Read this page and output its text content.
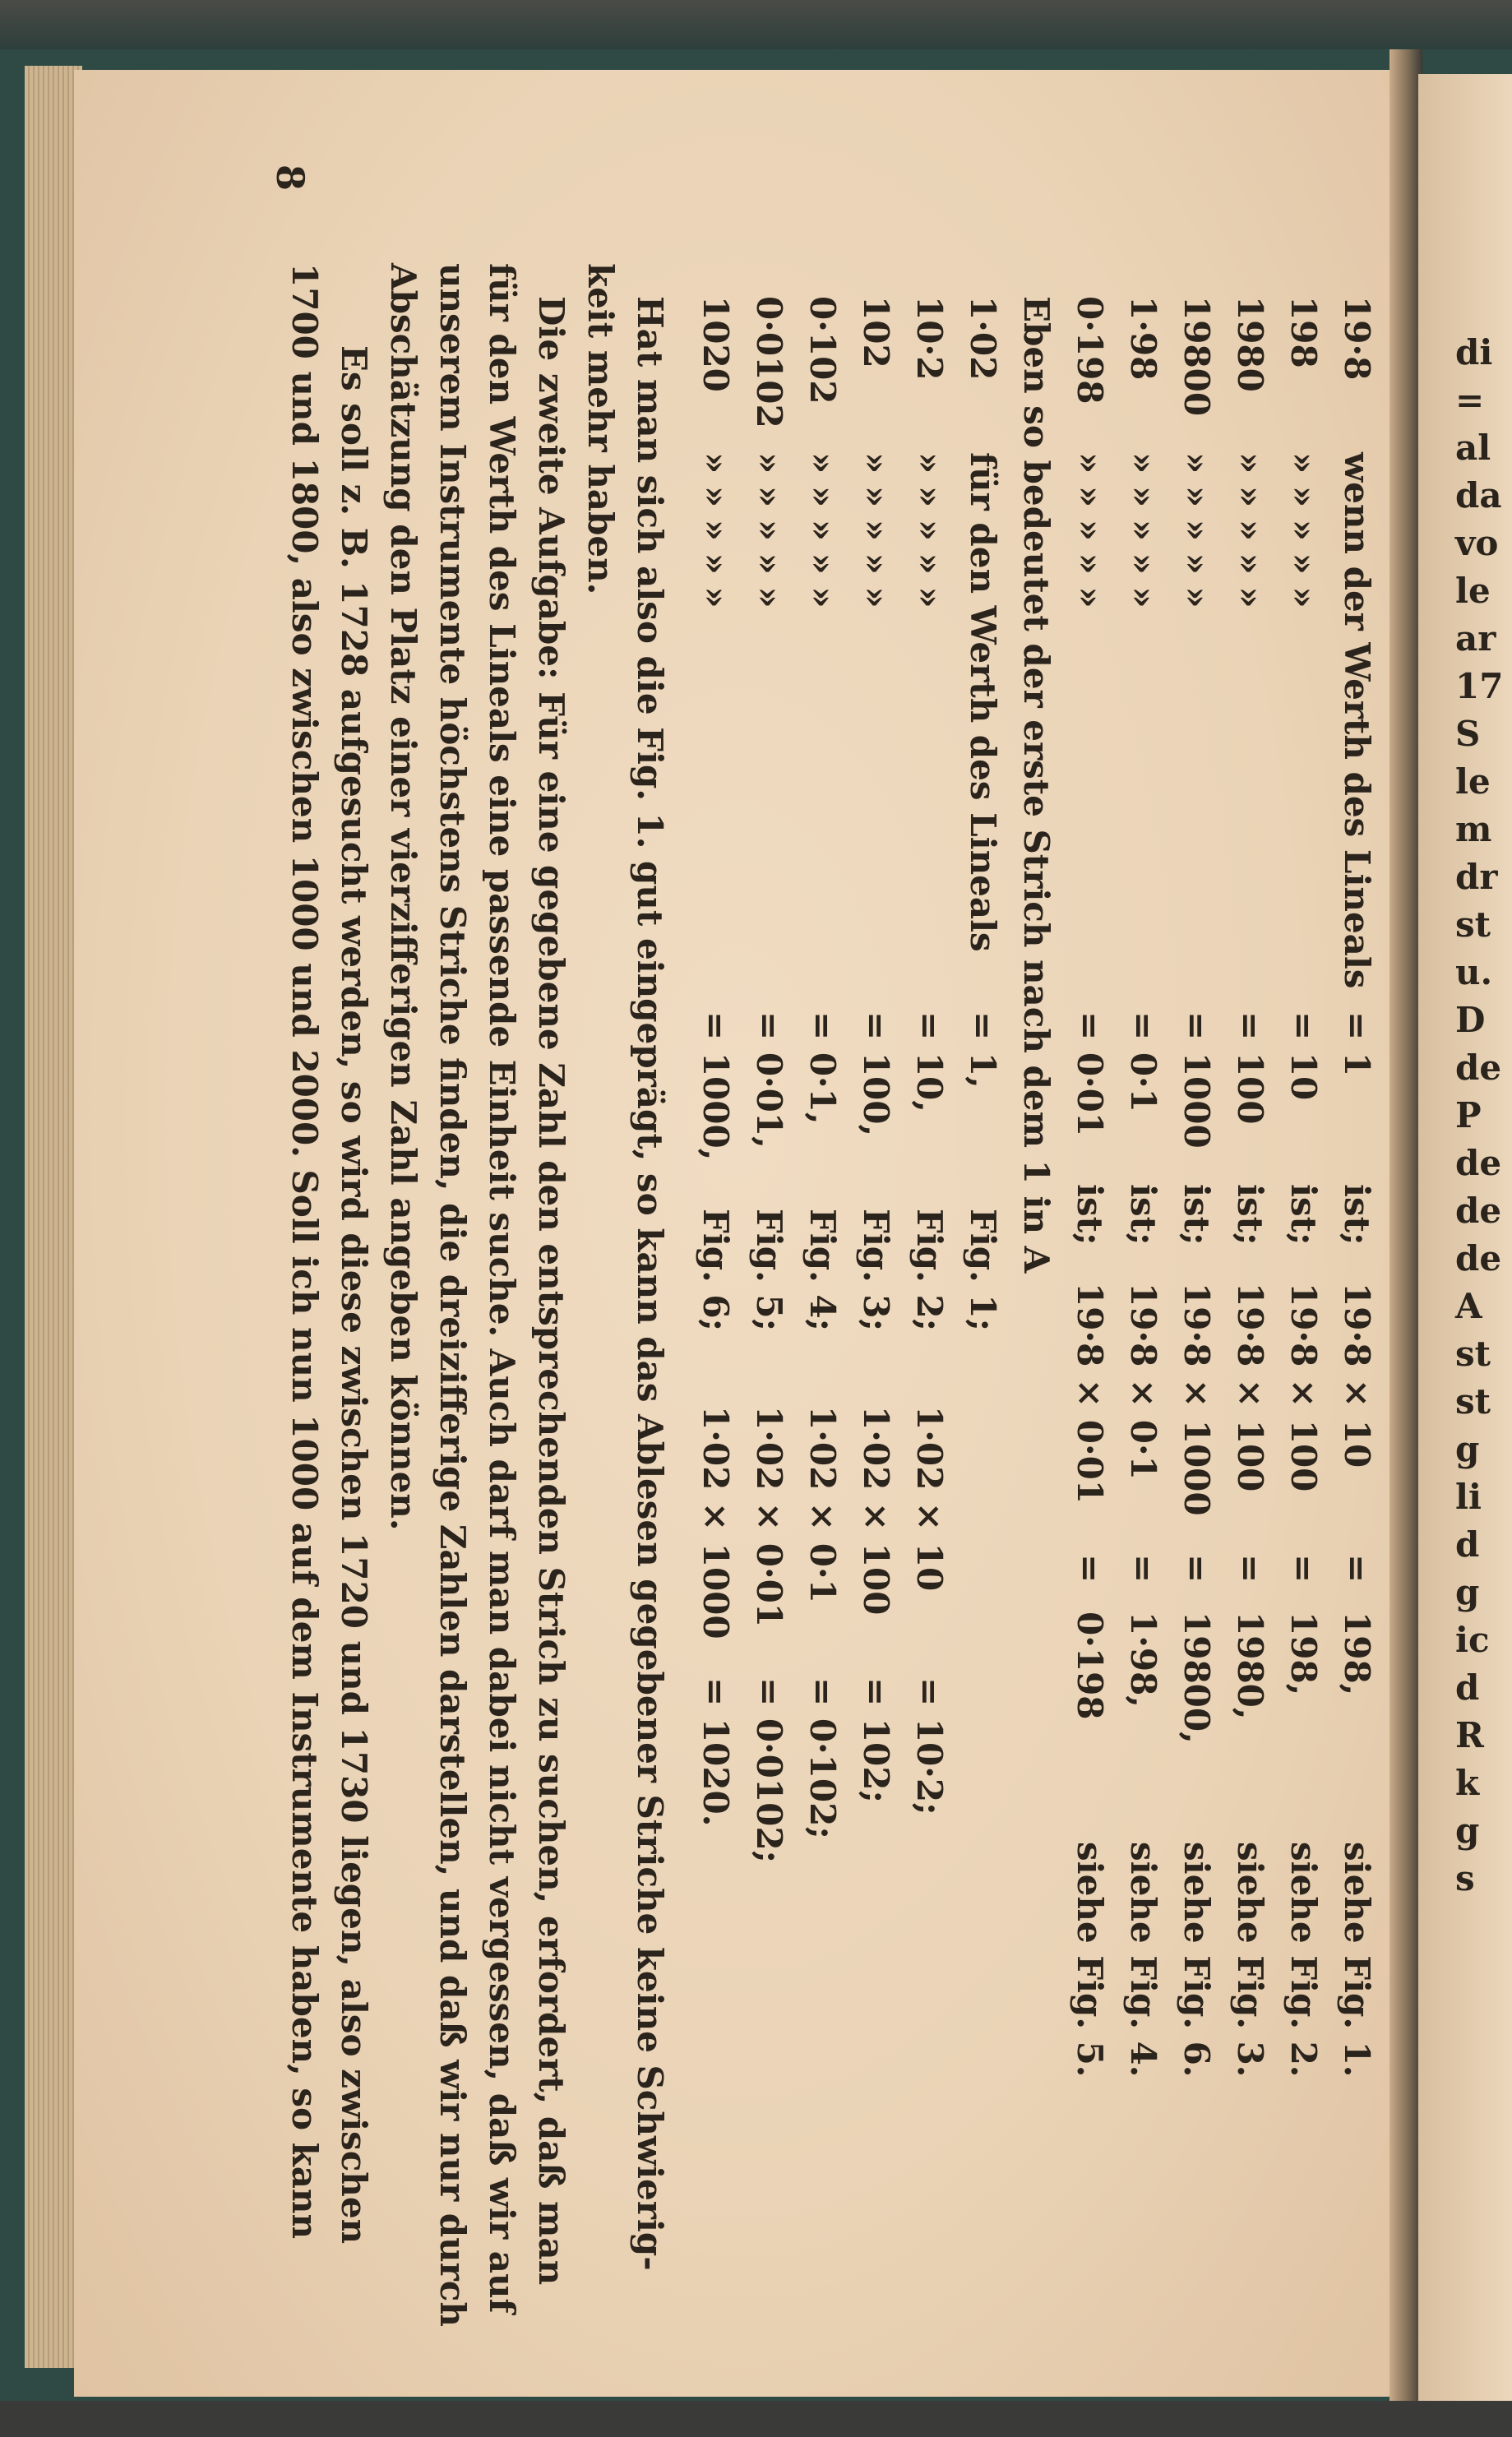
di
=
al
da
vo
le
ar
17
S
le
m
dr
st
u.
D
de
P
de
de
de
A
st
st
g
li
d
g
ic
d
R
k
g
s
8
19·8
wenn der Werth des Lineals
= 1
ist;
19·8 × 10
=
198,
siehe Fig. 1.
198
» » » » »
= 10
ist;
19·8 × 100
=
198,
siehe Fig. 2.
1980
» » » » »
= 100
ist;
19·8 × 100
=
1980,
siehe Fig. 3.
19800
» » » » »
= 1000
ist;
19·8 × 1000
=
19800,
siehe Fig. 6.
1·98
» » » » »
= 0·1
ist;
19·8 × 0·1
=
1·98,
siehe Fig. 4.
0·198
» » » » »
= 0·01
ist;
19·8 × 0·01
=
0·198
siehe Fig. 5.
Eben so bedeutet der erste Strich nach dem 1 in A
1·02
für den Werth des Lineals
= 1,
Fig. 1;
10·2
» » » » »
= 10,
Fig. 2;
1·02 × 10
= 10·2;
102
» » » » »
= 100,
Fig. 3;
1·02 × 100
= 102;
0·102
» » » » »
= 0·1,
Fig. 4;
1·02 × 0·1
= 0·102;
0·0102
» » » » »
= 0·01,
Fig. 5;
1·02 × 0·01
= 0·0102;
1020
» » » » »
= 1000,
Fig. 6;
1·02 × 1000
= 1020.
Hat man sich also die Fig. 1. gut eingeprägt, so kann das Ablesen gegebener Striche keine Schwierig-
keit mehr haben.
Die zweite Aufgabe: Für eine gegebene Zahl den entsprechenden Strich zu suchen, erfordert, daß man
für den Werth des Lineals eine passende Einheit suche. Auch darf man dabei nicht vergessen, daß wir auf
unserem Instrumente höchstens Striche finden, die dreizifferige Zahlen darstellen, und daß wir nur durch
Abschätzung den Platz einer vierzifferigen Zahl angeben können.
Es soll z. B. 1728 aufgesucht werden, so wird diese zwischen 1720 und 1730 liegen, also zwischen
1700 und 1800, also zwischen 1000 und 2000. Soll ich nun 1000 auf dem Instrumente haben, so kann
